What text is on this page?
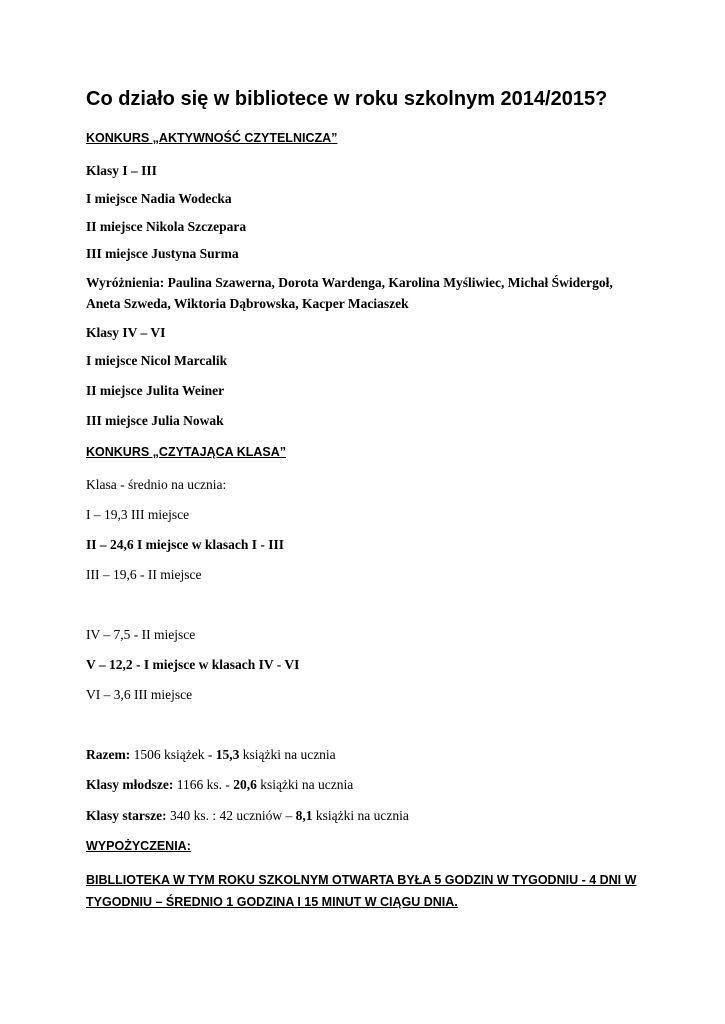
Co działo się w bibliotece w roku szkolnym 2014/2015?
KONKURS „AKTYWNOŚĆ CZYTELNICZA”
Klasy I – III
I miejsce Nadia Wodecka
II miejsce Nikola Szczepara
III miejsce Justyna Surma
Wyróżnienia: Paulina Szawerna, Dorota Wardenga, Karolina Myśliwiec, Michał Świdergoł, Aneta Szweda, Wiktoria Dąbrowska, Kacper Maciaszek
Klasy IV – VI
I miejsce Nicol Marcalik
II miejsce Julita Weiner
III miejsce Julia Nowak
KONKURS „CZYTAJĄCA KLASA”
Klasa - średnio na ucznia:
I – 19,3 III miejsce
II – 24,6 I miejsce w klasach I - III
III – 19,6 - II miejsce
IV – 7,5 - II miejsce
V – 12,2 - I miejsce w klasach IV - VI
VI – 3,6 III miejsce
Razem: 1506 książek - 15,3 książki na ucznia
Klasy młodsze: 1166 ks. - 20,6 książki na ucznia
Klasy starsze: 340 ks. : 42 uczniów – 8,1 książki na ucznia
WYPOŻYCZENIA:
BIBLLIOTEKA W TYM ROKU SZKOLNYM OTWARTA BYŁA 5 GODZIN W TYGODNIU - 4 DNI W TYGODNIU – ŚREDNIO 1 GODZINA I 15 MINUT W CIĄGU DNIA.
